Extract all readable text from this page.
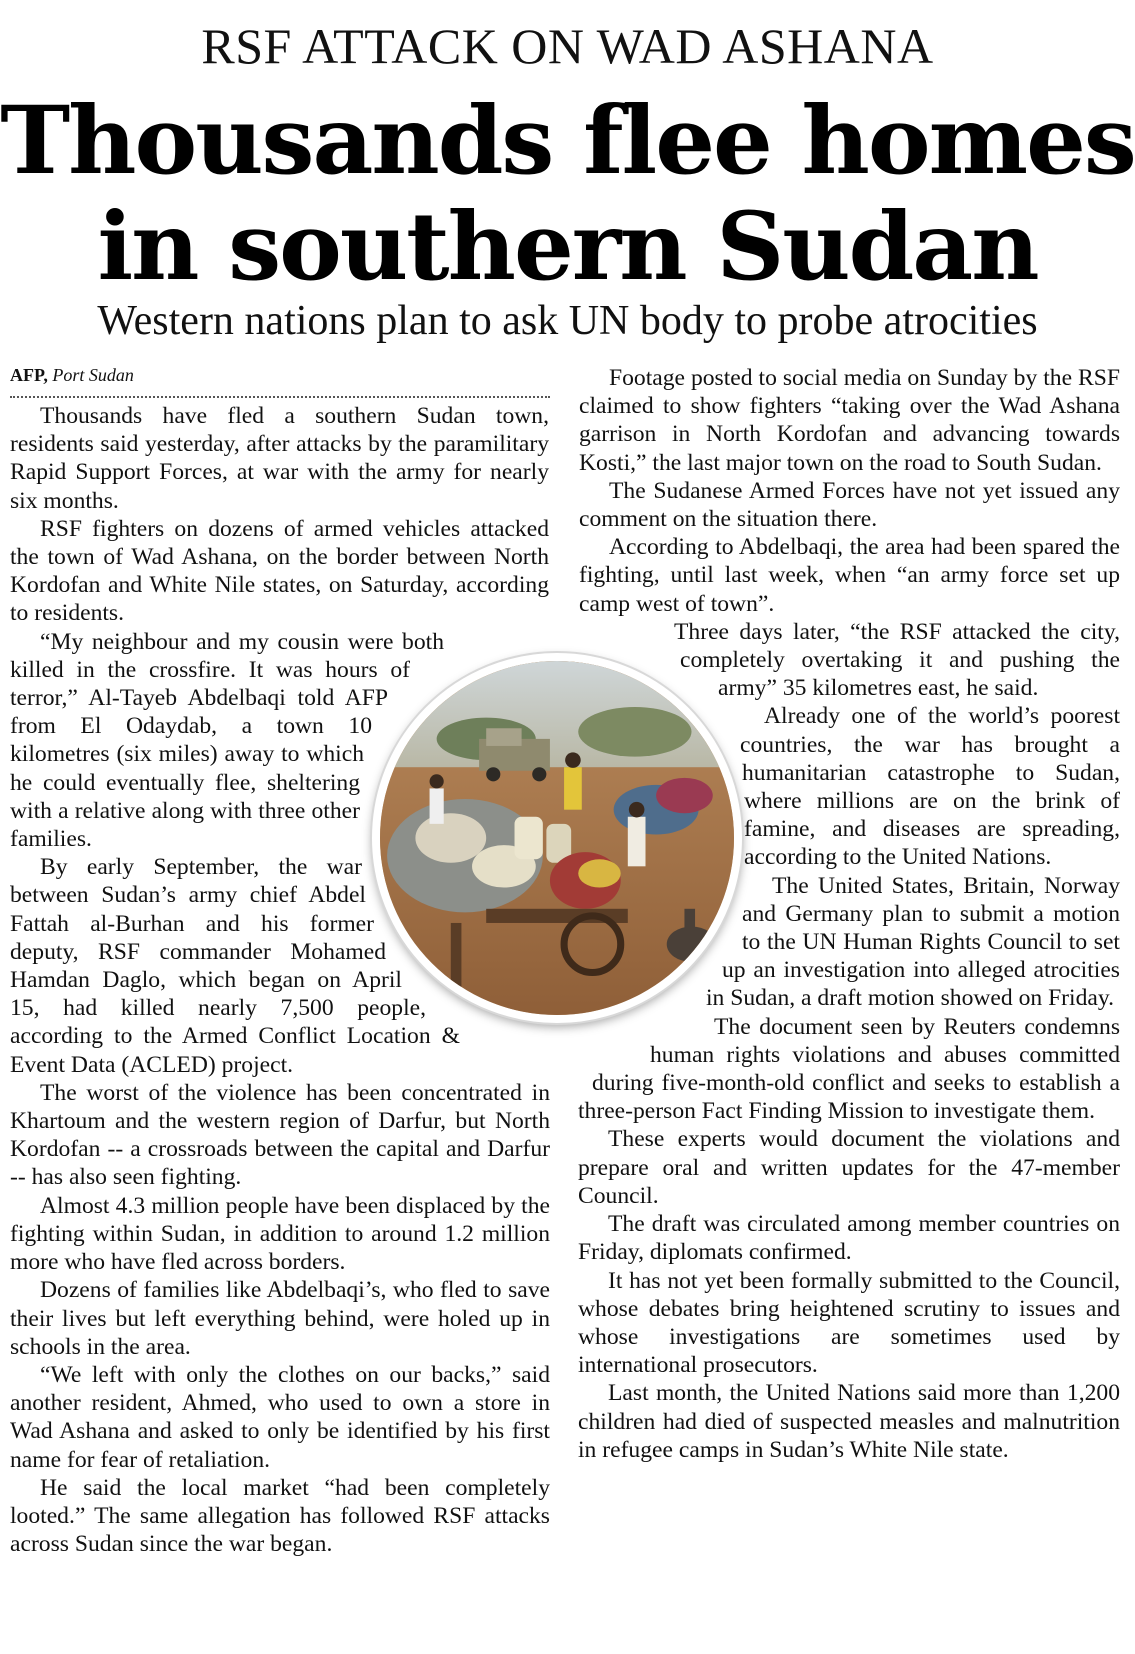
RSF ATTACK ON WAD ASHANA
Thousands flee homes
in southern Sudan
Western nations plan to ask UN body to probe atrocities
AFP, Port Sudan

Thousands have fled a southern Sudan town, residents said yesterday, after attacks by the paramilitary Rapid Support Forces, at war with the army for nearly six months.

RSF fighters on dozens of armed vehicles attacked the town of Wad Ashana, on the border between North Kordofan and White Nile states, on Saturday, according to residents.

“My neighbour and my cousin were both killed in the crossfire. It was hours of terror,” Al-Tayeb Abdelbaqi told AFP from El Odaydab, a town 10 kilometres (six miles) away to which he could eventually flee, sheltering with a relative along with three other families.

By early September, the war between Sudan’s army chief Abdel Fattah al-Burhan and his former deputy, RSF commander Mohamed Hamdan Daglo, which began on April 15, had killed nearly 7,500 people, according to the Armed Conflict Location & Event Data (ACLED) project.

The worst of the violence has been concentrated in Khartoum and the western region of Darfur, but North Kordofan -- a crossroads between the capital and Darfur -- has also seen fighting.

Almost 4.3 million people have been displaced by the fighting within Sudan, in addition to around 1.2 million more who have fled across borders.

Dozens of families like Abdelbaqi’s, who fled to save their lives but left everything behind, were holed up in schools in the area.

“We left with only the clothes on our backs,” said another resident, Ahmed, who used to own a store in Wad Ashana and asked to only be identified by his first name for fear of retaliation.

He said the local market “had been completely looted.” The same allegation has followed RSF attacks across Sudan since the war began.

Footage posted to social media on Sunday by the RSF claimed to show fighters “taking over the Wad Ashana garrison in North Kordofan and advancing towards Kosti,” the last major town on the road to South Sudan.

The Sudanese Armed Forces have not yet issued any comment on the situation there.

According to Abdelbaqi, the area had been spared the fighting, until last week, when “an army force set up camp west of town”.

Three days later, “the RSF attacked the city, completely overtaking it and pushing the army” 35 kilometres east, he said.

Already one of the world’s poorest countries, the war has brought a humanitarian catastrophe to Sudan, where millions are on the brink of famine, and diseases are spreading, according to the United Nations.

The United States, Britain, Norway and Germany plan to submit a motion to the UN Human Rights Council to set up an investigation into alleged atrocities in Sudan, a draft motion showed on Friday.

The document seen by Reuters condemns human rights violations and abuses committed during five-month-old conflict and seeks to establish a three-person Fact Finding Mission to investigate them.

These experts would document the violations and prepare oral and written updates for the 47-member Council.

The draft was circulated among member countries on Friday, diplomats confirmed.

It has not yet been formally submitted to the Council, whose debates bring heightened scrutiny to issues and whose investigations are sometimes used by international prosecutors.

Last month, the United Nations said more than 1,200 children had died of suspected measles and malnutrition in refugee camps in Sudan’s White Nile state.
